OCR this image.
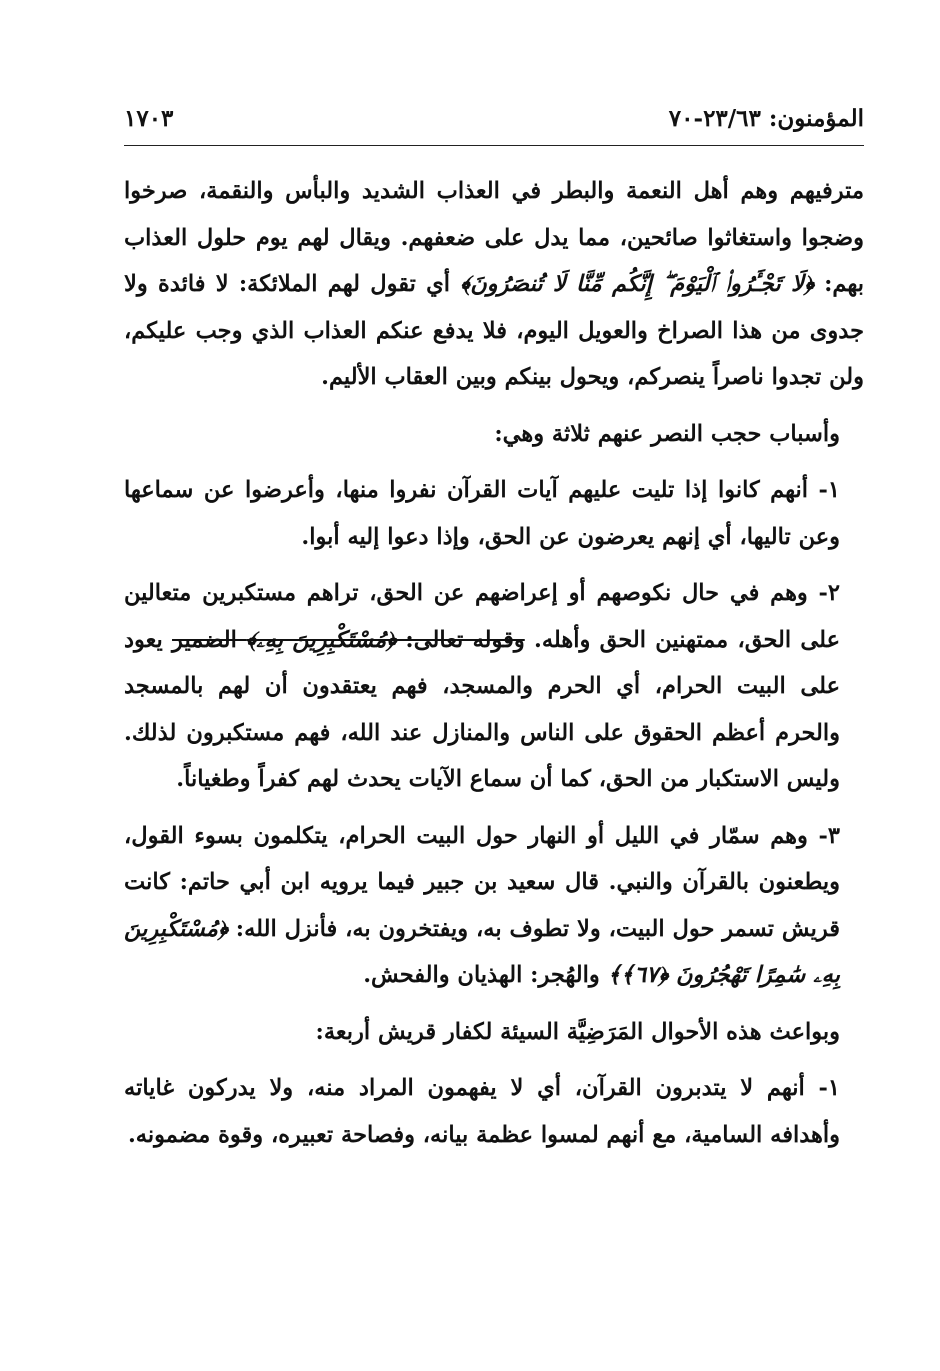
المؤمنون: ٢٣/٦٣-٧٠
١٧٠٣

مترفيهم وهم أهل النعمة والبطر في العذاب الشديد والبأس والنقمة، صرخوا وضجوا واستغاثوا صائحين، مما يدل على ضعفهم. ويقال لهم يوم حلول العذاب بهم: ﴿لَا تَجْـَٔرُوا۟ ٱلْيَوْمَ ۖ إِنَّكُم مِّنَّا لَا تُنصَرُونَ﴾ أي تقول لهم الملائكة: لا فائدة ولا جدوى من هذا الصراخ والعويل اليوم، فلا يدفع عنكم العذاب الذي وجب عليكم، ولن تجدوا ناصراً ينصركم، ويحول بينكم وبين العقاب الأليم.

وأسباب حجب النصر عنهم ثلاثة وهي:

١- أنهم كانوا إذا تليت عليهم آيات القرآن نفروا منها، وأعرضوا عن سماعها وعن تاليها، أي إنهم يعرضون عن الحق، وإذا دعوا إليه أبوا.

٢- وهم في حال نكوصهم أو إعراضهم عن الحق، تراهم مستكبرين متعالين على الحق، ممتهنين الحق وأهله. وقوله تعالى: ﴿مُسْتَكْبِرِينَ بِهِۦ﴾ الضمير يعود على البيت الحرام، أي الحرم والمسجد، فهم يعتقدون أن لهم بالمسجد والحرم أعظم الحقوق على الناس والمنازل عند الله، فهم مستكبرون لذلك. وليس الاستكبار من الحق، كما أن سماع الآيات يحدث لهم كفراً وطغياناً.

٣- وهم سمّار في الليل أو النهار حول البيت الحرام، يتكلمون بسوء القول، ويطعنون بالقرآن والنبي. قال سعيد بن جبير فيما يرويه ابن أبي حاتم: كانت قريش تسمر حول البيت، ولا تطوف به، ويفتخرون به، فأنزل الله: ﴿مُسْتَكْبِرِينَ بِهِۦ سَٰمِرًا تَهْجُرُونَ ﴿٦٧﴾﴾ والهُجر: الهذيان والفحش.

وبواعث هذه الأحوال المَرَضِيَّة السيئة لكفار قريش أربعة:

١- أنهم لا يتدبرون القرآن، أي لا يفهمون المراد منه، ولا يدركون غاياته وأهدافه السامية، مع أنهم لمسوا عظمة بيانه، وفصاحة تعبيره، وقوة مضمونه.
